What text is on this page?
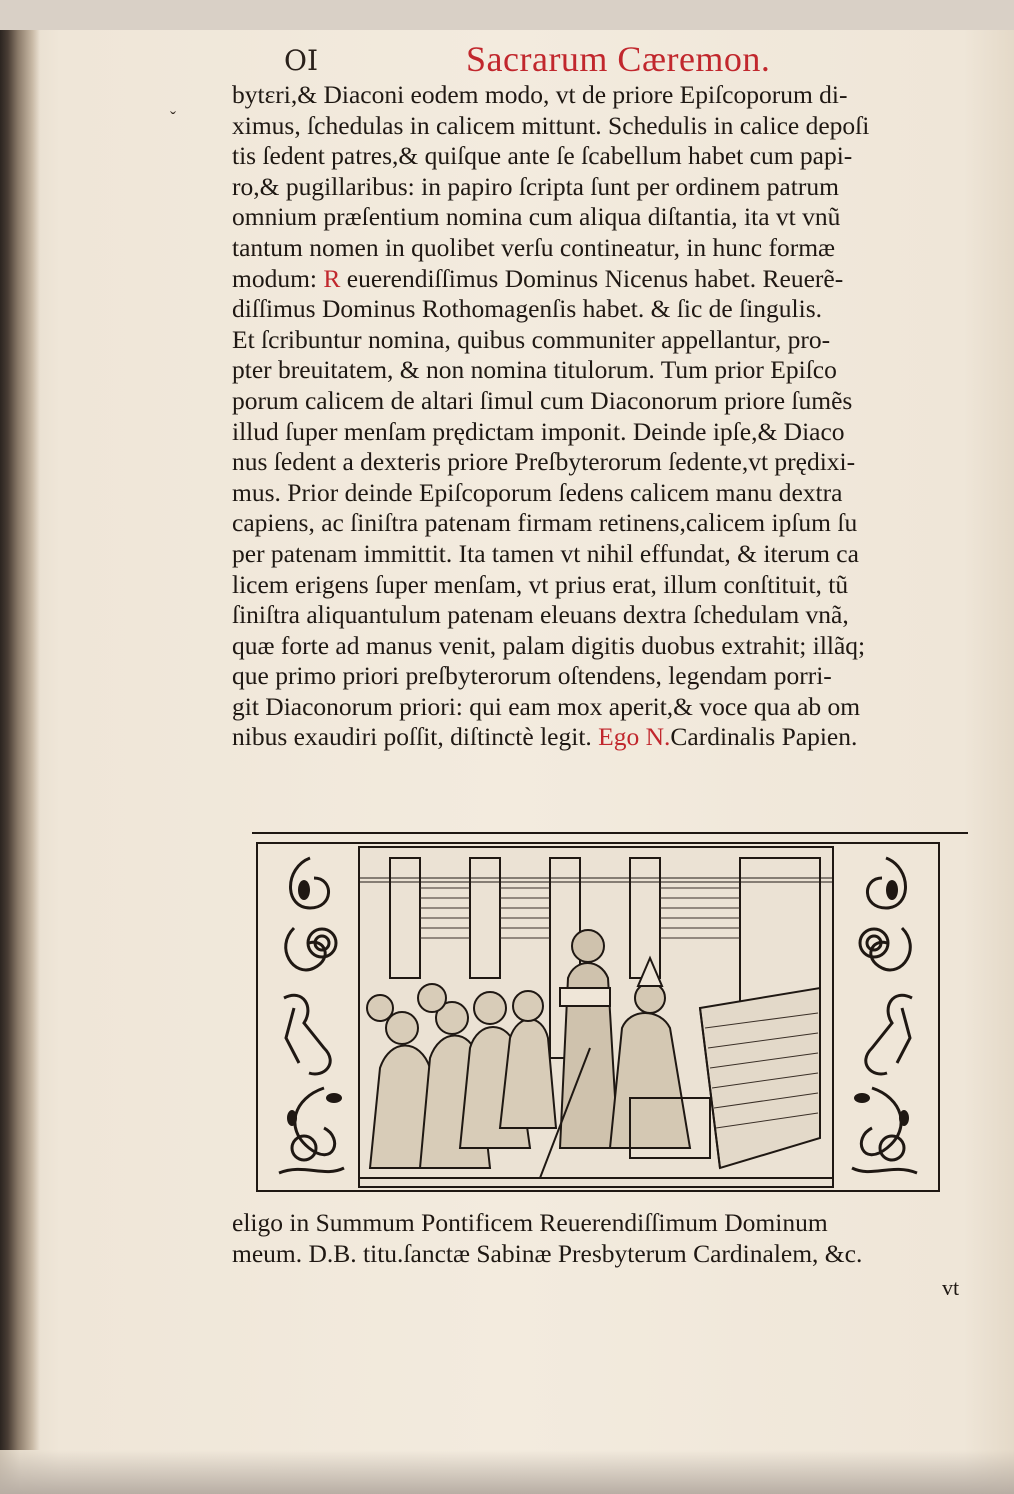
OI	Sacrarum Cæremon.
ˇ
bytεri,& Diaconi eodem modo, vt de priore Epiſcoporum di-
ximus, ſchedulas in calicem mittunt. Schedulis in calice depoſi
tis ſedent patres,& quiſque ante ſe ſcabellum habet cum papi-
ro,& pugillaribus: in papiro ſcripta ſunt per ordinem patrum
omnium præſentium nomina cum aliqua diſtantia, ita vt vnũ
tantum nomen in quolibet verſu contineatur, in hunc formæ
modum: R euerendiſſimus Dominus Nicenus habet. Reuerẽ-
diſſimus Dominus Rothomagenſis habet. & ſic de ſingulis.
Et ſcribuntur nomina, quibus communiter appellantur, pro-
pter breuitatem, & non nomina titulorum. Tum prior Epiſco
porum calicem de altari ſimul cum Diaconorum priore ſumẽs
illud ſuper menſam prędictam imponit. Deinde ipſe,& Diaco
nus ſedent a dexteris priore Preſbyterorum ſedente,vt prędixi-
mus. Prior deinde Epiſcoporum ſedens calicem manu dextra
capiens, ac ſiniſtra patenam firmam retinens,calicem ipſum ſu
per patenam immittit. Ita tamen vt nihil effundat, & iterum ca
licem erigens ſuper menſam, vt prius erat, illum conſtituit, tũ
ſiniſtra aliquantulum patenam eleuans dextra ſchedulam vnã,
quæ forte ad manus venit, palam digitis duobus extrahit; illãq;
que primo priori preſbyterorum oſtendens, legendam porri-
git Diaconorum priori: qui eam mox aperit,& voce qua ab om
nibus exaudiri poſſit, diſtinctè legit. Ego N.Cardinalis Papien.
eligo in Summum Pontificem Reuerendiſſimum Dominum
meum. D.B. titu.ſanctæ Sabinæ Presbyterum Cardinalem, &c.
vt
